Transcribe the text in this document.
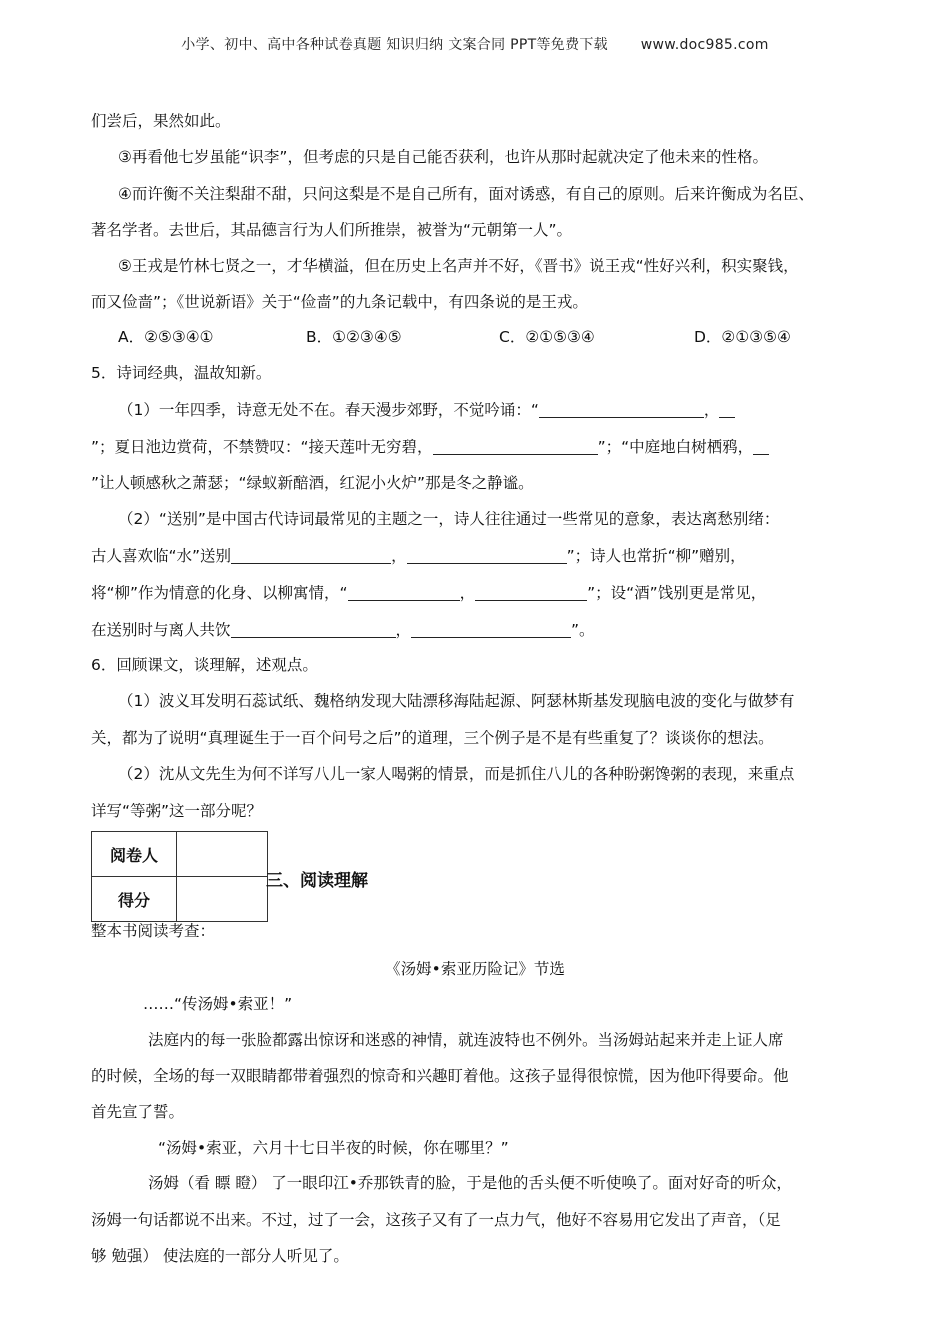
小学、初中、高中各种试卷真题 知识归纳 文案合同 PPT等免费下载 www.doc985.com
们尝后，果然如此。
③再看他七岁虽能“识李”，但考虑的只是自己能否获利，也许从那时起就决定了他未来的性格。
④而许衡不关注梨甜不甜，只问这梨是不是自己所有，面对诱惑，有自己的原则。后来许衡成为名臣、
著名学者。去世后，其品德言行为人们所推崇，被誉为“元朝第一人”。
⑤王戎是竹林七贤之一，才华横溢，但在历史上名声并不好，《晋书》说王戎“性好兴利，积实聚钱，
而又俭啬”；《世说新语》关于“俭啬”的九条记载中，有四条说的是王戎。
A．②⑤③④①	B．①②③④⑤	C．②①⑤③④	D．②①③⑤④
5．诗词经典，温故知新。
（1）一年四季，诗意无处不在。春天漫步郊野，不觉吟诵：“	，
”；夏日池边赏荷，不禁赞叹：“接天莲叶无穷碧，	”；“中庭地白树栖鸦，
”让人顿感秋之萧瑟；“绿蚁新醅酒，红泥小火炉”那是冬之静谧。
（2）“送别”是中国古代诗词最常见的主题之一，诗人往往通过一些常见的意象，表达离愁别绪：
古人喜欢临“水”送别	，	”；诗人也常折“柳”赠别，
将“柳”作为情意的化身、以柳寓情，“	，	”；设“酒”饯别更是常见，
在送别时与离人共饮	，	”。
6．回顾课文，谈理解，述观点。
（1）波义耳发明石蕊试纸、魏格纳发现大陆漂移海陆起源、阿瑟林斯基发现脑电波的变化与做梦有
关，都为了说明“真理诞生于一百个问号之后”的道理，三个例子是不是有些重复了？谈谈你的想法。
（2）沈从文先生为何不详写八儿一家人喝粥的情景，而是抓住八儿的各种盼粥馋粥的表现，来重点
详写“等粥”这一部分呢？
阅卷人	
得分	
三、阅读理解
整本书阅读考查：
《汤姆•索亚历险记》节选
……“传汤姆•索亚！”
法庭内的每一张脸都露出惊讶和迷惑的神情，就连波特也不例外。当汤姆站起来并走上证人席
的时候，全场的每一双眼睛都带着强烈的惊奇和兴趣盯着他。这孩子显得很惊慌，因为他吓得要命。他
首先宣了誓。
“汤姆•索亚，六月十七日半夜的时候，你在哪里？”
汤姆（看 瞟 瞪） 了一眼印江•乔那铁青的脸，于是他的舌头便不听使唤了。面对好奇的听众，
汤姆一句话都说不出来。不过，过了一会，这孩子又有了一点力气，他好不容易用它发出了声音，（足
够 勉强） 使法庭的一部分人听见了。
